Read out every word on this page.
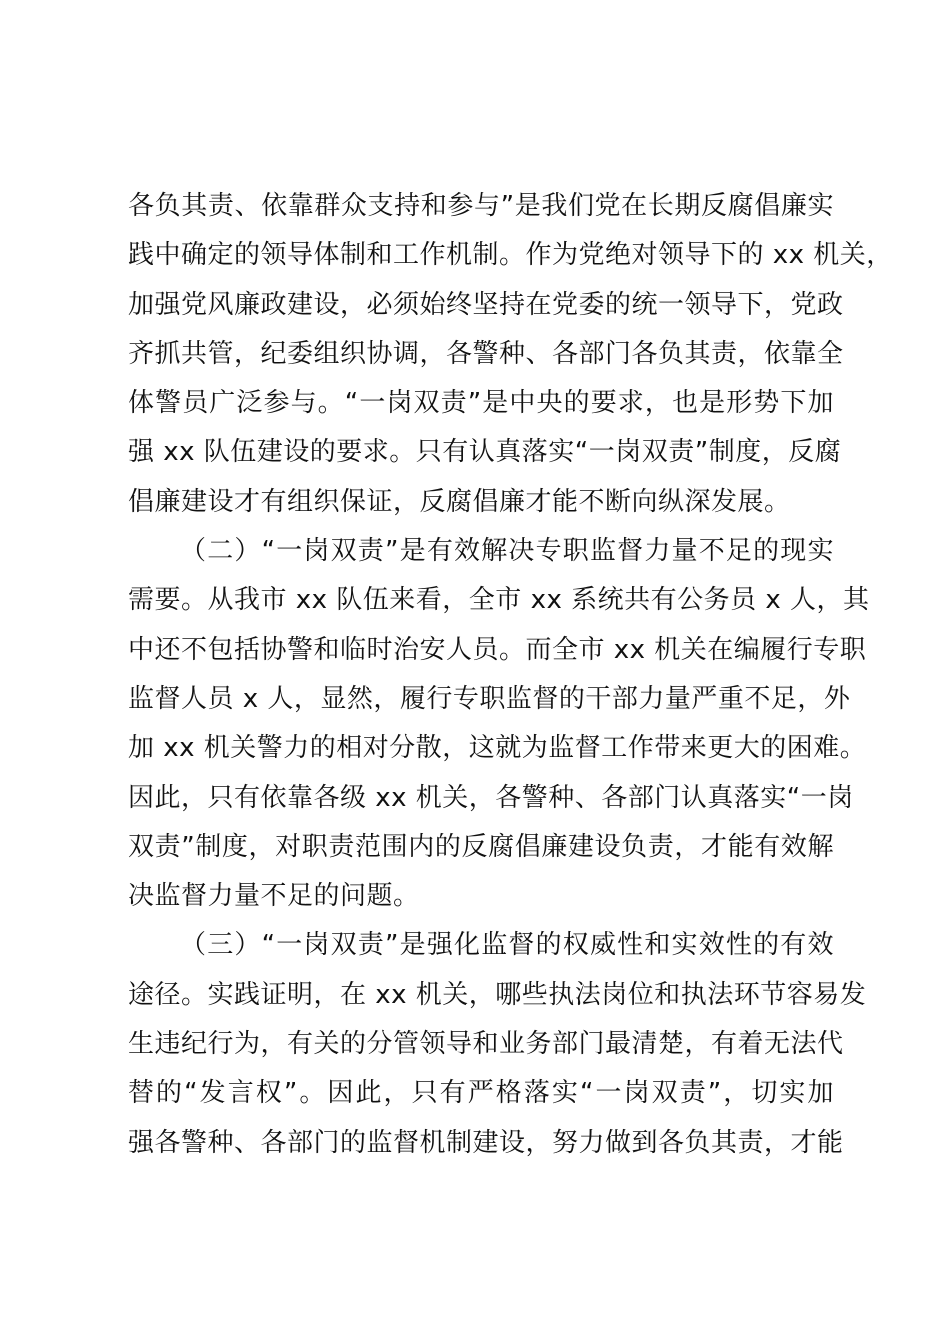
各负其责、依靠群众支持和参与”是我们党在长期反腐倡廉实
践中确定的领导体制和工作机制。作为党绝对领导下的 xx 机关，
加强党风廉政建设，必须始终坚持在党委的统一领导下，党政
齐抓共管，纪委组织协调，各警种、各部门各负其责，依靠全
体警员广泛参与。“一岗双责”是中央的要求，也是形势下加
强 xx 队伍建设的要求。只有认真落实“一岗双责”制度，反腐
倡廉建设才有组织保证，反腐倡廉才能不断向纵深发展。
（二）“一岗双责”是有效解决专职监督力量不足的现实
需要。从我市 xx 队伍来看，全市 xx 系统共有公务员 x 人，其
中还不包括协警和临时治安人员。而全市 xx 机关在编履行专职
监督人员 x 人，显然，履行专职监督的干部力量严重不足，外
加 xx 机关警力的相对分散，这就为监督工作带来更大的困难。
因此，只有依靠各级 xx 机关，各警种、各部门认真落实“一岗
双责”制度，对职责范围内的反腐倡廉建设负责，才能有效解
决监督力量不足的问题。
（三）“一岗双责”是强化监督的权威性和实效性的有效
途径。实践证明，在 xx 机关，哪些执法岗位和执法环节容易发
生违纪行为，有关的分管领导和业务部门最清楚，有着无法代
替的“发言权”。因此，只有严格落实“一岗双责”，切实加
强各警种、各部门的监督机制建设，努力做到各负其责，才能
